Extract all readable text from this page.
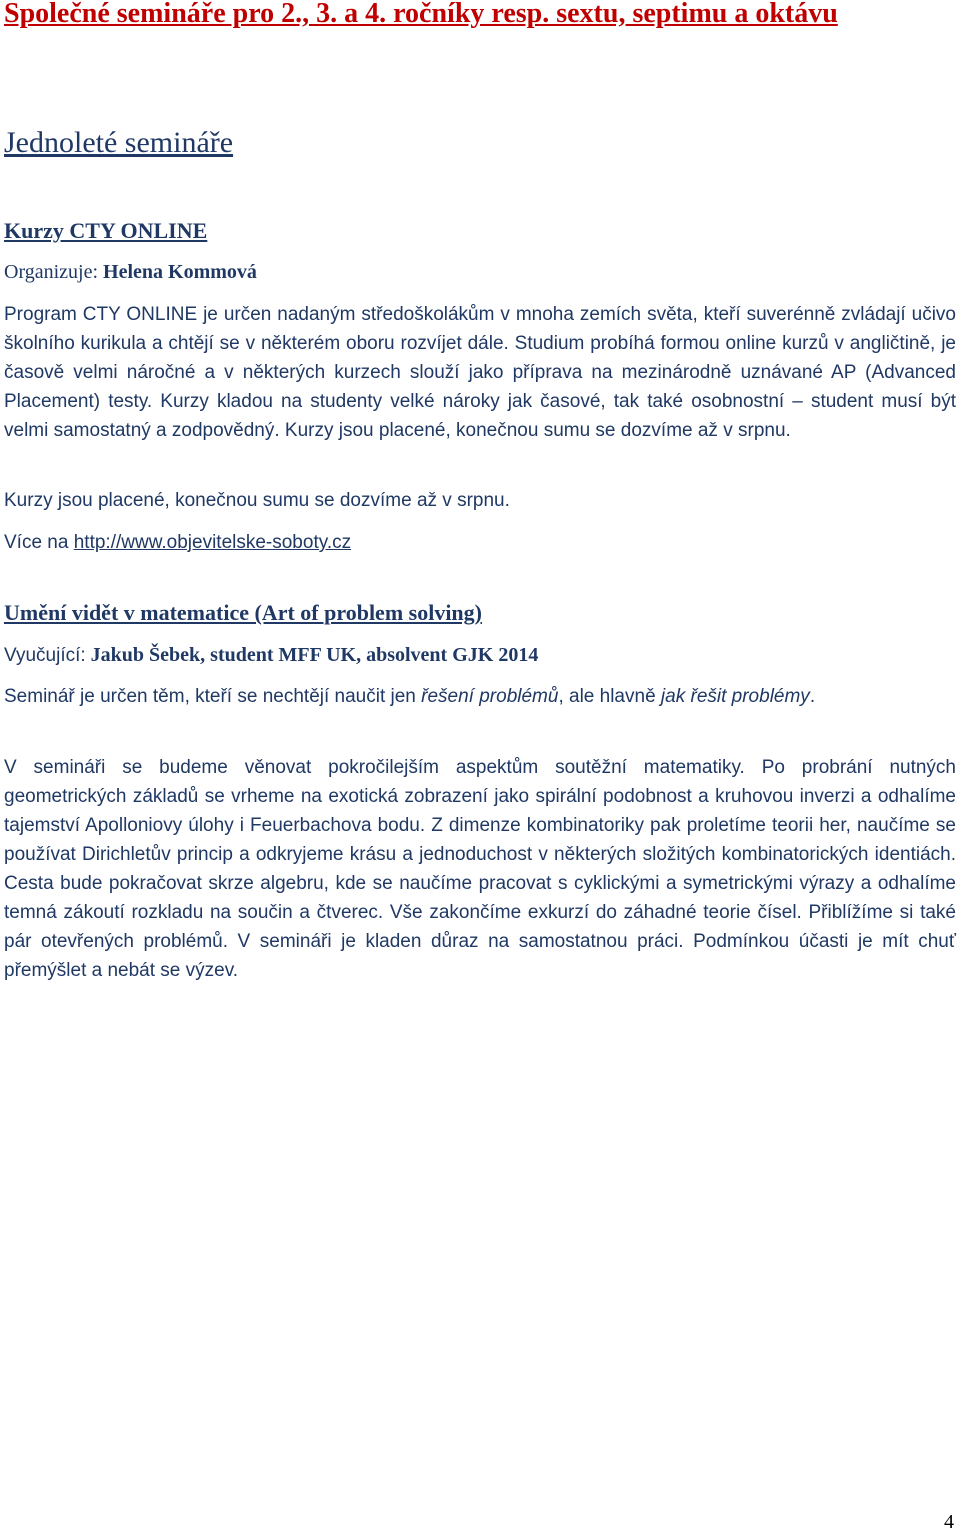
Společné semináře pro 2., 3. a 4. ročníky resp. sextu, septimu a oktávu
Jednoleté semináře
Kurzy CTY ONLINE

Organizuje: Helena Kommová

Program CTY ONLINE je určen nadaným středoškolákům v mnoha zemích světa, kteří suverénně zvládají učivo školního kurikula a chtějí se v některém oboru rozvíjet dále. Studium probíhá formou online kurzů v angličtině, je časově velmi náročné a v některých kurzech slouží jako příprava na mezinárodně uznávané AP (Advanced Placement) testy. Kurzy kladou na studenty velké nároky jak časové, tak také osobnostní – student musí být velmi samostatný a zodpovědný. Kurzy jsou placené, konečnou sumu se dozvíme až v srpnu.

Kurzy jsou placené, konečnou sumu se dozvíme až v srpnu.

Více na http://www.objevitelske-soboty.cz

Umění vidět v matematice (Art of problem solving)

Vyučující: Jakub Šebek, student MFF UK, absolvent GJK 2014

Seminář je určen těm, kteří se nechtějí naučit jen řešení problémů, ale hlavně jak řešit problémy.

V semináři se budeme věnovat pokročilejším aspektům soutěžní matematiky. Po probrání nutných geometrických základů se vrheme na exotická zobrazení jako spirální podobnost a kruhovou inverzi a odhalíme tajemství Apolloniovy úlohy i Feuerbachova bodu. Z dimenze kombinatoriky pak proletíme teorii her, naučíme se používat Dirichletův princip a odkryjeme krásu a jednoduchost v některých složitých kombinatorických identiách. Cesta bude pokračovat skrze algebru, kde se naučíme pracovat s cyklickými a symetrickými výrazy a odhalíme temná zákoutí rozkladu na součin a čtverec. Vše zakončíme exkurzí do záhadné teorie čísel. Přiblížíme si také pár otevřených problémů. V semináři je kladen důraz na samostatnou práci. Podmínkou účasti je mít chuť přemýšlet a nebát se výzev.

4
